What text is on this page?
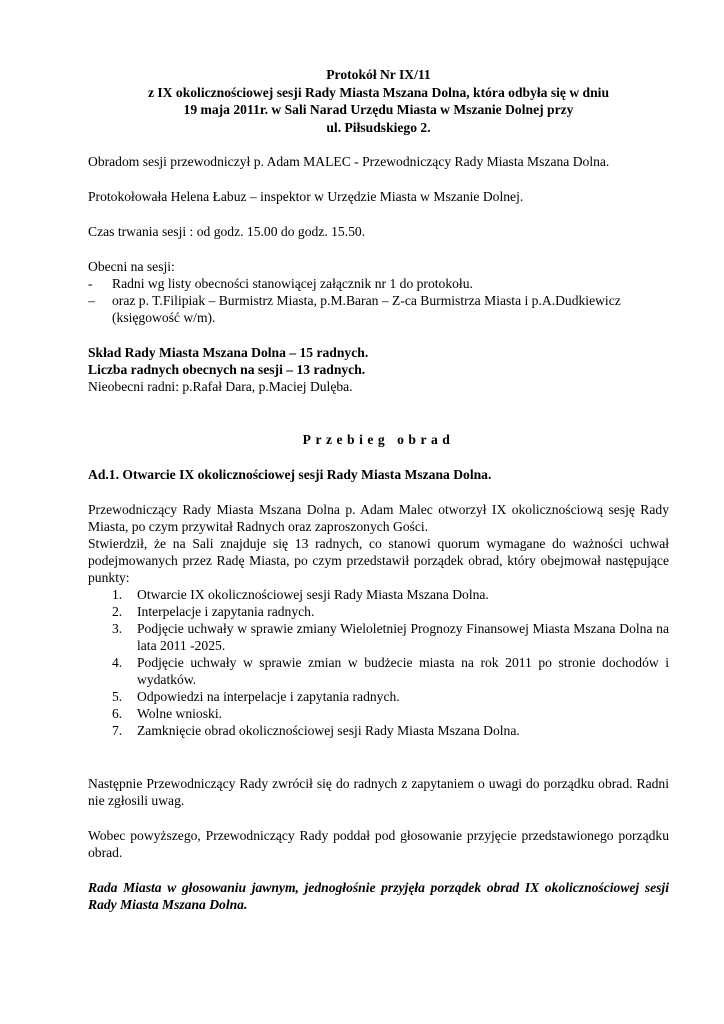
Protokół Nr IX/11
z IX okolicznościowej sesji Rady Miasta Mszana Dolna, która odbyła się w dniu
19 maja 2011r. w Sali Narad Urzędu Miasta w Mszanie Dolnej przy
ul. Piłsudskiego 2.

Obradom sesji przewodniczył p. Adam MALEC - Przewodniczący Rady Miasta Mszana Dolna.

Protokołowała Helena Łabuz – inspektor w Urzędzie Miasta w Mszanie Dolnej.

Czas trwania sesji : od godz. 15.00 do godz. 15.50.

Obecni na sesji:

- Radni wg listy obecności stanowiącej załącznik nr 1 do protokołu.
– oraz p. T.Filipiak – Burmistrz Miasta, p.M.Baran – Z-ca Burmistrza Miasta i p.A.Dudkiewicz (księgowość w/m).

Skład Rady Miasta Mszana Dolna – 15 radnych.

Liczba radnych obecnych na sesji – 13 radnych.

Nieobecni radni: p.Rafał Dara, p.Maciej Dulęba.

Przebieg obrad

Ad.1. Otwarcie IX okolicznościowej sesji Rady Miasta Mszana Dolna.

Przewodniczący Rady Miasta Mszana Dolna p. Adam Malec otworzył IX okolicznościową sesję Rady Miasta, po czym przywitał Radnych oraz zaproszonych Gości.

Stwierdził, że na Sali znajduje się 13 radnych, co stanowi quorum wymagane do ważności uchwał podejmowanych przez Radę Miasta, po czym przedstawił porządek obrad, który obejmował następujące punkty:

1. Otwarcie IX okolicznościowej sesji Rady Miasta Mszana Dolna.
2. Interpelacje i zapytania radnych.
3. Podjęcie uchwały w sprawie zmiany Wieloletniej Prognozy Finansowej Miasta Mszana Dolna na lata 2011 -2025.
4. Podjęcie uchwały w sprawie zmian w budżecie miasta na rok 2011 po stronie dochodów i wydatków.
5. Odpowiedzi na interpelacje i zapytania radnych.
6. Wolne wnioski.
7. Zamknięcie obrad okolicznościowej sesji Rady Miasta Mszana Dolna.

Następnie Przewodniczący Rady zwrócił się do radnych z zapytaniem o uwagi do porządku obrad. Radni nie zgłosili uwag.

Wobec powyższego, Przewodniczący Rady poddał pod głosowanie przyjęcie przedstawionego porządku obrad.

Rada Miasta w głosowaniu jawnym, jednogłośnie przyjęła porządek obrad IX okolicznościowej sesji Rady Miasta Mszana Dolna.
